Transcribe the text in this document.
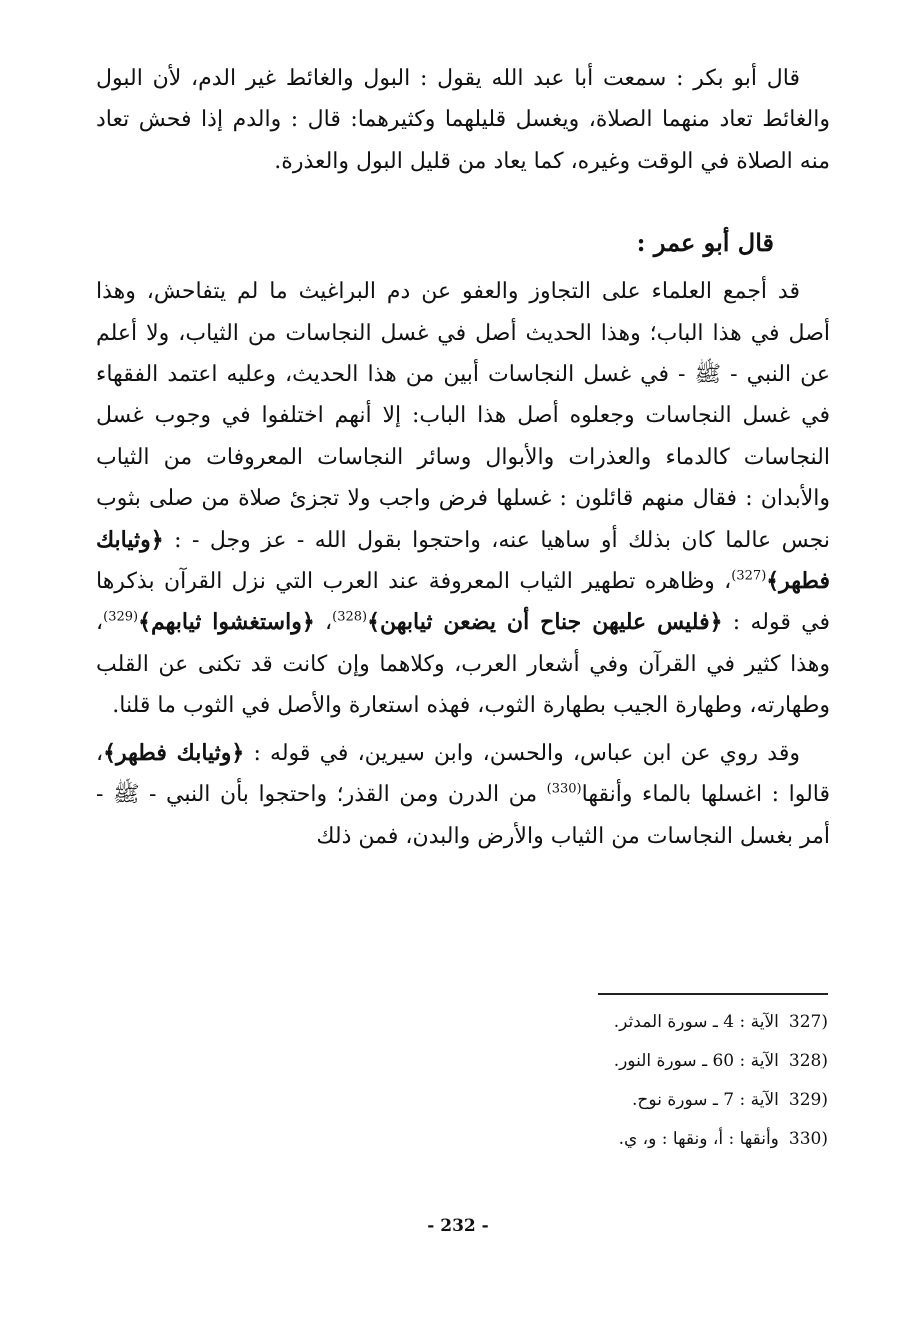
قال أبو بكر : سمعت أبا عبد الله يقول : البول والغائط غير الدم، لأن البول والغائط تعاد منهما الصلاة، ويغسل قليلهما وكثيرهما: قال : والدم إذا فحش تعاد منه الصلاة في الوقت وغيره، كما يعاد من قليل البول والعذرة.

قال أبو عمر :

قد أجمع العلماء على التجاوز والعفو عن دم البراغيث ما لم يتفاحش، وهذا أصل في هذا الباب؛ وهذا الحديث أصل في غسل النجاسات من الثياب، ولا أعلم عن النبي - ﷺ - في غسل النجاسات أبين من هذا الحديث، وعليه اعتمد الفقهاء في غسل النجاسات وجعلوه أصل هذا الباب: إلا أنهم اختلفوا في وجوب غسل النجاسات كالدماء والعذرات والأبوال وسائر النجاسات المعروفات من الثياب والأبدان : فقال منهم قائلون : غسلها فرض واجب ولا تجزئ صلاة من صلى بثوب نجس عالما كان بذلك أو ساهيا عنه، واحتجوا بقول الله - عز وجل - : ﴿وثيابك فطهر﴾$^{(327)}$، وظاهره تطهير الثياب المعروفة عند العرب التي نزل القرآن بذكرها في قوله : ﴿فليس عليهن جناح أن يضعن ثيابهن﴾$^{(328)}$، ﴿واستغشوا ثيابهم﴾$^{(329)}$، وهذا كثير في القرآن وفي أشعار العرب، وكلاهما وإن كانت قد تكنى عن القلب وطهارته، وطهارة الجيب بطهارة الثوب، فهذه استعارة والأصل في الثوب ما قلنا.

وقد روي عن ابن عباس، والحسن، وابن سيرين، في قوله : ﴿وثيابك فطهر﴾، قالوا : اغسلها بالماء وأنقها$^{(330)}$ من الدرن ومن القذر؛ واحتجوا بأن النبي - ﷺ - أمر بغسل النجاسات من الثياب والأرض والبدن، فمن ذلك

(327الآية : 4 ـ سورة المدثر.
(328الآية : 60 ـ سورة النور.
(329الآية : 7 ـ سورة نوح.
(330وأنقها : أ، ونقها : و، ي.
- 232 -
